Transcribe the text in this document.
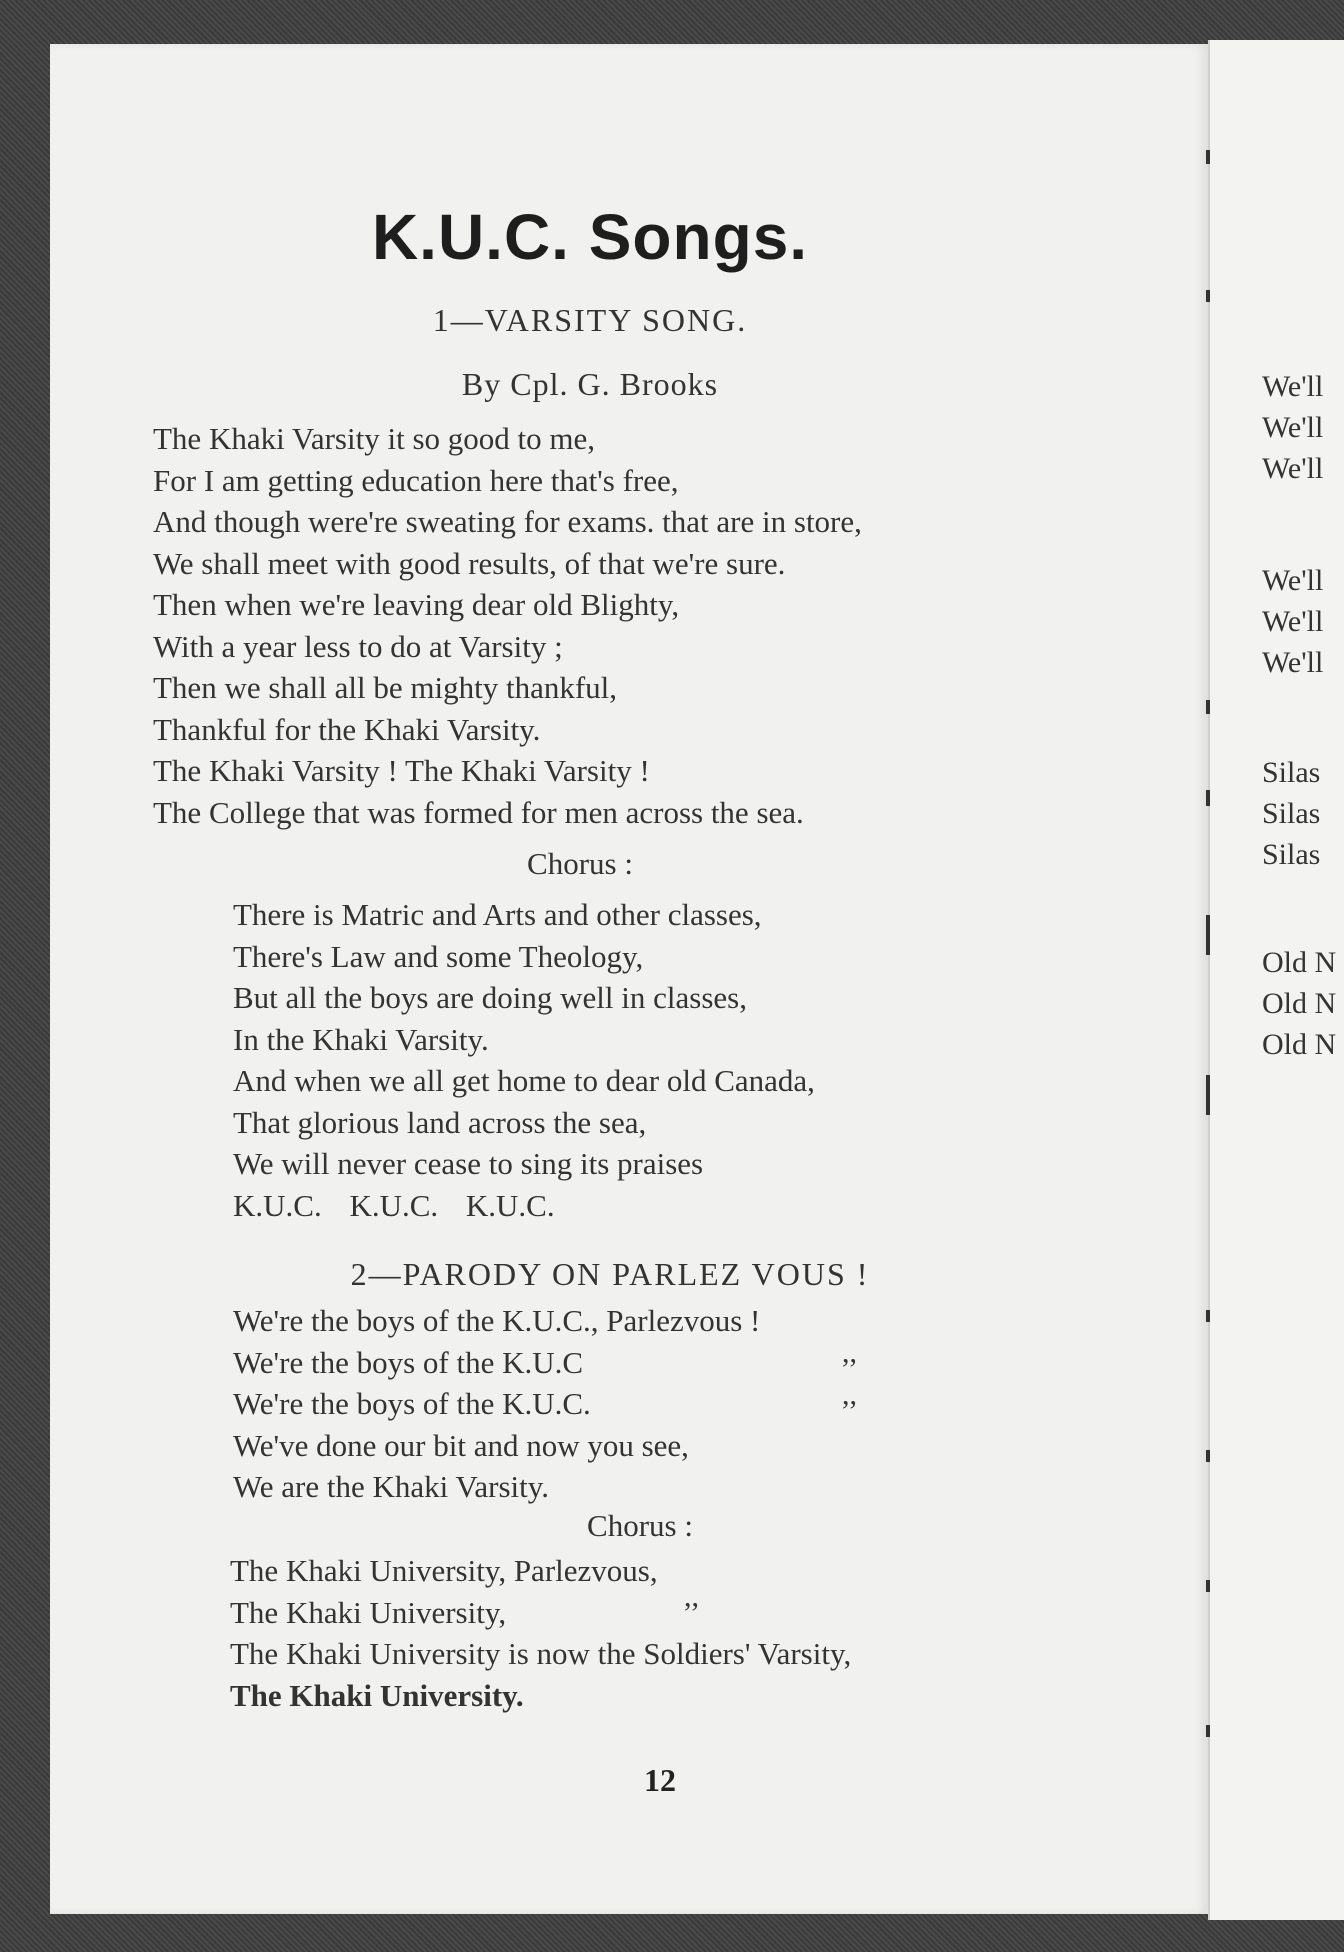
K.U.C. Songs.
1—VARSITY SONG.
By Cpl. G. Brooks
The Khaki Varsity it so good to me,
For I am getting education here that's free,
And though were're sweating for exams. that are in store,
We shall meet with good results, of that we're sure.
Then when we're leaving dear old Blighty,
With a year less to do at Varsity ;
Then we shall all be mighty thankful,
Thankful for the Khaki Varsity.
The Khaki Varsity ! The Khaki Varsity !
The College that was formed for men across the sea.
Chorus :
There is Matric and Arts and other classes,
There's Law and some Theology,
But all the boys are doing well in classes,
In the Khaki Varsity.
And when we all get home to dear old Canada,
That glorious land across the sea,
We will never cease to sing its praises
K.U.C. K.U.C. K.U.C.
2—PARODY ON PARLEZ VOUS !
We're the boys of the K.U.C., Parlezvous !
We're the boys of the K.U.C
We're the boys of the K.U.C.
We've done our bit and now you see,
We are the Khaki Varsity.
,,
,,
Chorus :
The Khaki University, Parlezvous,
The Khaki University,
The Khaki University is now the Soldiers' Varsity,
The Khaki University.
,,
12
We'll
We'll
We'll
We'll
We'll
We'll
Silas
Silas
Silas
Old N
Old N
Old N
